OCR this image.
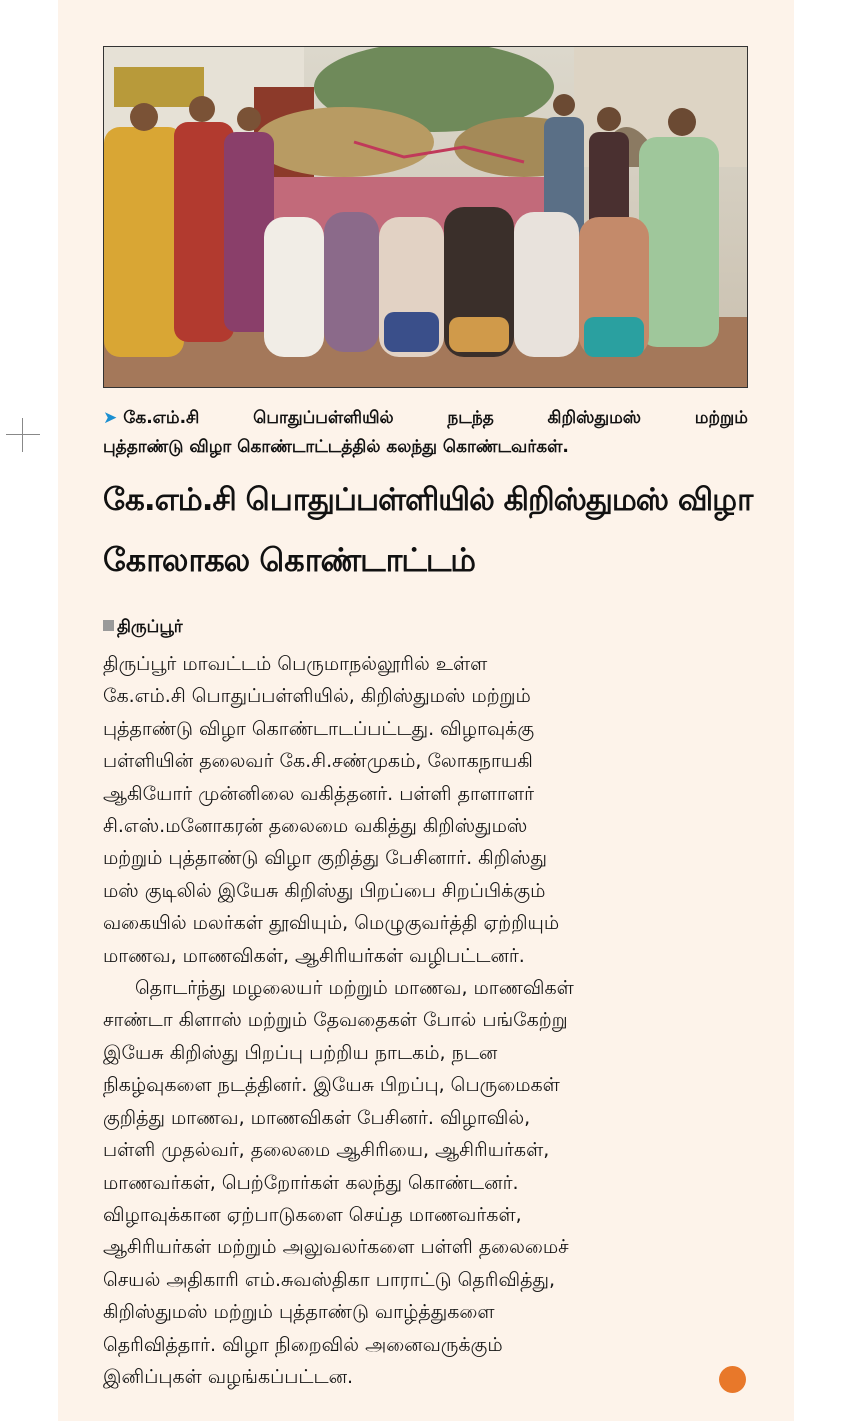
➤ கே.எம்.சி	பொதுப்பள்ளியில்	நடந்த	கிறிஸ்துமஸ்	மற்றும்
புத்தாண்டு விழா கொண்டாட்டத்தில் கலந்து கொண்டவர்கள்.
கே.எம்.சி பொதுப்பள்ளியில் கிறிஸ்துமஸ் விழா
கோலாகல கொண்டாட்டம்
திருப்பூர்
திருப்பூர் மாவட்டம் பெருமாநல்லூரில் உள்ள
கே.எம்.சி பொதுப்பள்ளியில், கிறிஸ்துமஸ் மற்றும்
புத்தாண்டு விழா கொண்டாடப்பட்டது. விழாவுக்கு
பள்ளியின் தலைவர் கே.சி.சண்முகம், லோகநாயகி
ஆகியோர் முன்னிலை வகித்தனர். பள்ளி தாளாளர்
சி.எஸ்.மனோகரன் தலைமை வகித்து கிறிஸ்துமஸ்
மற்றும் புத்தாண்டு விழா குறித்து பேசினார். கிறிஸ்து
மஸ் குடிலில் இயேசு கிறிஸ்து பிறப்பை சிறப்பிக்கும்
வகையில் மலர்கள் தூவியும், மெழுகுவர்த்தி ஏற்றியும்
மாணவ, மாணவிகள், ஆசிரியர்கள் வழிபட்டனர்.
தொடர்ந்து மழலையர் மற்றும் மாணவ, மாணவிகள்
சாண்டா கிளாஸ் மற்றும் தேவதைகள் போல் பங்கேற்று
இயேசு கிறிஸ்து பிறப்பு பற்றிய நாடகம், நடன
நிகழ்வுகளை நடத்தினர். இயேசு பிறப்பு, பெருமைகள்
குறித்து மாணவ, மாணவிகள் பேசினர். விழாவில்,
பள்ளி முதல்வர், தலைமை ஆசிரியை, ஆசிரியர்கள்,
மாணவர்கள், பெற்றோர்கள் கலந்து கொண்டனர்.
விழாவுக்கான ஏற்பாடுகளை செய்த மாணவர்கள்,
ஆசிரியர்கள் மற்றும் அலுவலர்களை பள்ளி தலைமைச்
செயல் அதிகாரி எம்.சுவஸ்திகா பாராட்டு தெரிவித்து,
கிறிஸ்துமஸ் மற்றும் புத்தாண்டு வாழ்த்துகளை
தெரிவித்தார். விழா நிறைவில் அனைவருக்கும்
இனிப்புகள் வழங்கப்பட்டன.
